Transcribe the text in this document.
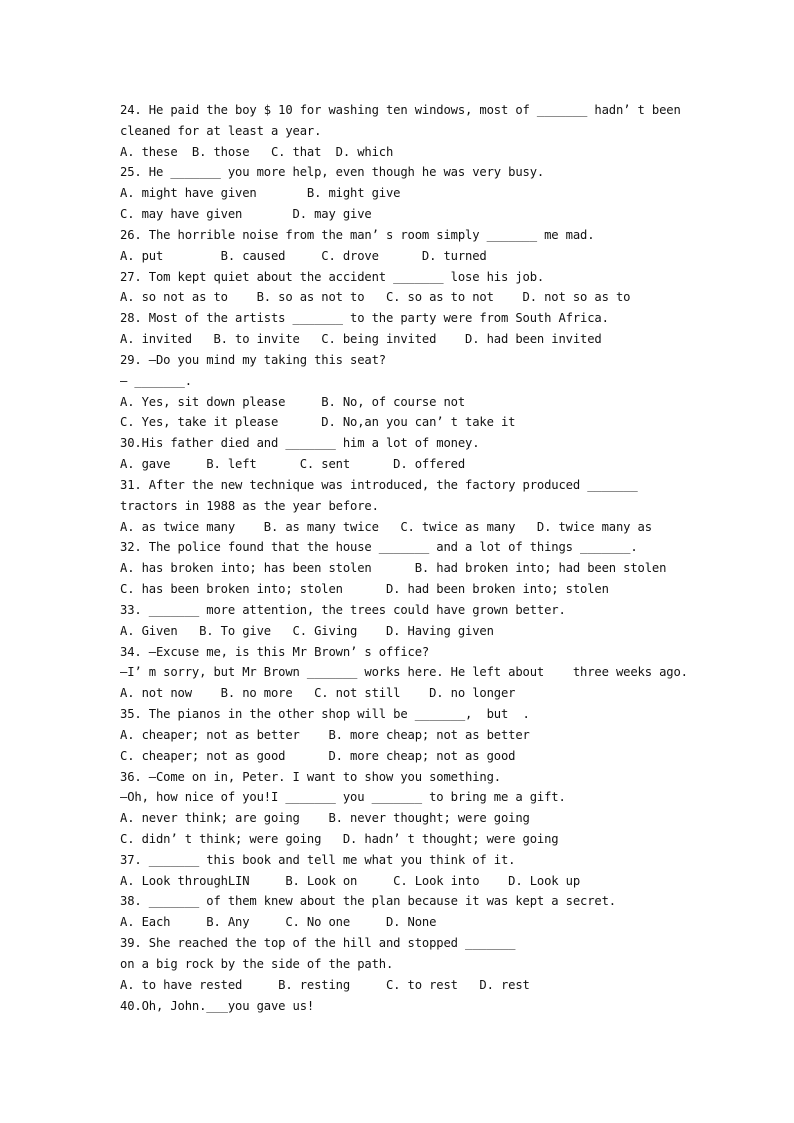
24. He paid the boy $ 10 for washing ten windows, most of _______ hadn’ t been
cleaned for at least a year.
A. these  B. those   C. that  D. which
25. He _______ you more help, even though he was very busy.
A. might have given       B. might give
C. may have given       D. may give
26. The horrible noise from the man’ s room simply _______ me mad.
A. put        B. caused     C. drove      D. turned
27. Tom kept quiet about the accident _______ lose his job.
A. so not as to    B. so as not to   C. so as to not    D. not so as to
28. Most of the artists _______ to the party were from South Africa.
A. invited   B. to invite   C. being invited    D. had been invited
29. —Do you mind my taking this seat?
— _______.
A. Yes, sit down please     B. No, of course not
C. Yes, take it please      D. No,an you can’ t take it
30.His father died and _______ him a lot of money.
A. gave     B. left      C. sent      D. offered
31. After the new technique was introduced, the factory produced _______
tractors in 1988 as the year before.
A. as twice many    B. as many twice   C. twice as many   D. twice many as
32. The police found that the house _______ and a lot of things _______.
A. has broken into; has been stolen      B. had broken into; had been stolen
C. has been broken into; stolen      D. had been broken into; stolen
33. _______ more attention, the trees could have grown better.
A. Given   B. To give   C. Giving    D. Having given
34. —Excuse me, is this Mr Brown’ s office?
—I’ m sorry, but Mr Brown _______ works here. He left about    three weeks ago.
A. not now    B. no more   C. not still    D. no longer
35. The pianos in the other shop will be _______,  but  .
A. cheaper; not as better    B. more cheap; not as better
C. cheaper; not as good      D. more cheap; not as good
36. —Come on in, Peter. I want to show you something.
—Oh, how nice of you!I _______ you _______ to bring me a gift.
A. never think; are going    B. never thought; were going
C. didn’ t think; were going   D. hadn’ t thought; were going
37. _______ this book and tell me what you think of it.
A. Look throughLIN     B. Look on     C. Look into    D. Look up
38. _______ of them knew about the plan because it was kept a secret.
A. Each     B. Any     C. No one     D. None
39. She reached the top of the hill and stopped _______
on a big rock by the side of the path.
A. to have rested     B. resting     C. to rest   D. rest
40.Oh, John.___you gave us!
